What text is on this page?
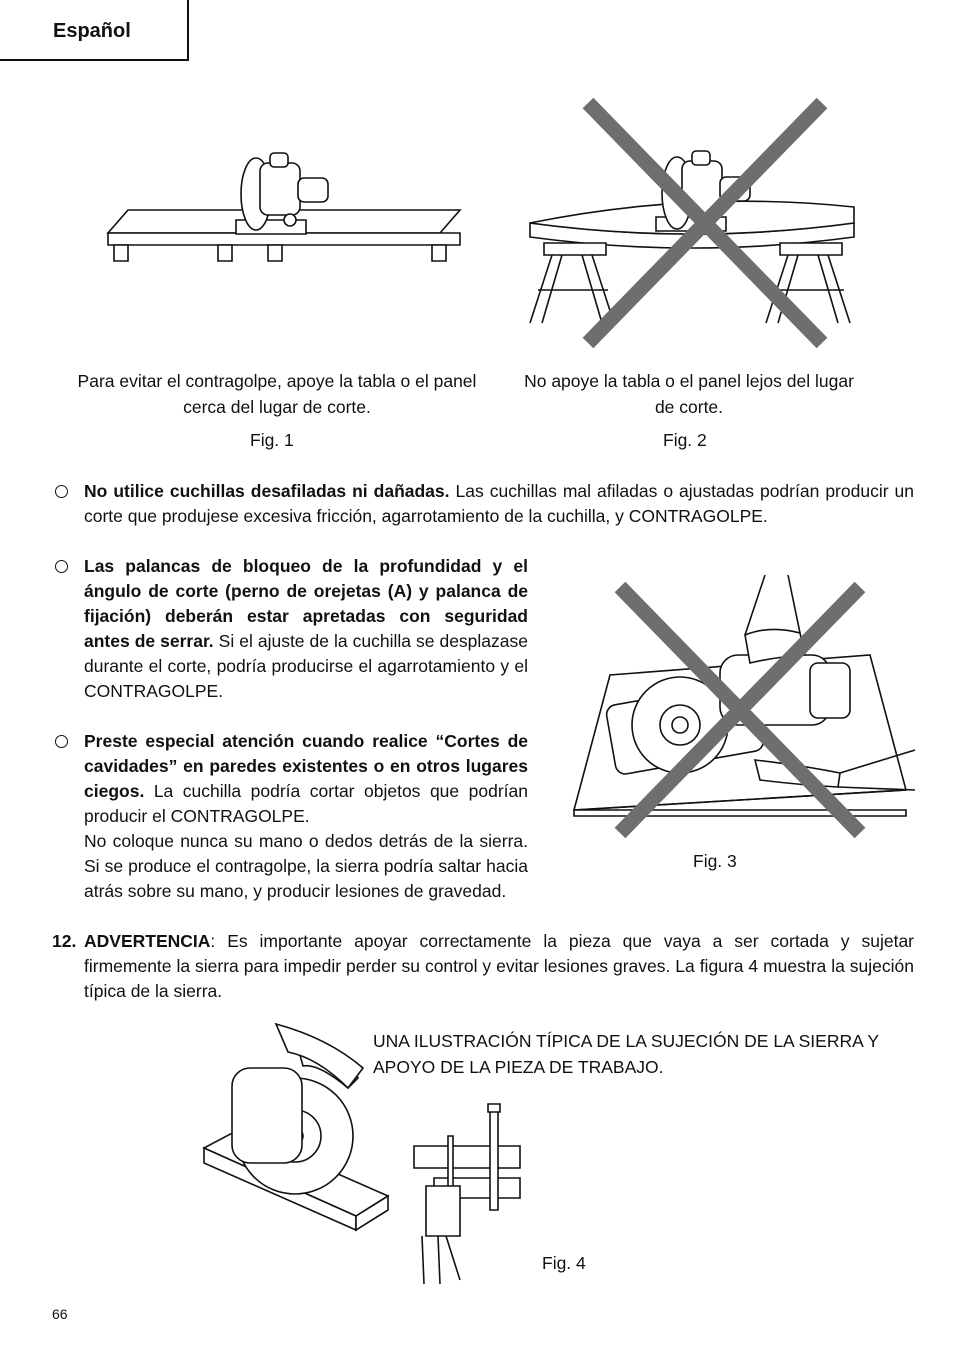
Español
Para evitar el contragolpe, apoye la tabla o el panel cerca del lugar de corte.
No apoye la tabla o el panel lejos del lugar de corte.
Fig. 1	Fig. 2
No utilice cuchillas desafiladas ni dañadas. Las cuchillas mal afiladas o ajustadas podrían producir un corte que produjese excesiva fricción, agarrotamiento de la cuchilla, y CONTRAGOLPE.
Las palancas de bloqueo de la profundidad y el ángulo de corte (perno de orejetas (A) y palanca de fijación) deberán estar apretadas con seguridad antes de serrar. Si el ajuste de la cuchilla se desplazase durante el corte, podría producirse el agarrotamiento y el CONTRAGOLPE.
Preste especial atención cuando realice “Cortes de cavidades” en paredes existentes o en otros lugares ciegos. La cuchilla podría cortar objetos que podrían producir el CONTRAGOLPE.
No coloque nunca su mano o dedos detrás de la sierra. Si se produce el contragolpe, la sierra podría saltar hacia atrás sobre su mano, y producir lesiones de gravedad.
Fig. 3
12. ADVERTENCIA: Es importante apoyar correctamente la pieza que vaya a ser cortada y sujetar firmemente la sierra para impedir perder su control y evitar lesiones graves. La figura 4 muestra la sujeción típica de la sierra.
UNA ILUSTRACIÓN TÍPICA DE LA SUJECIÓN DE LA SIERRA Y APOYO DE LA PIEZA DE TRABAJO.
Fig. 4
66
